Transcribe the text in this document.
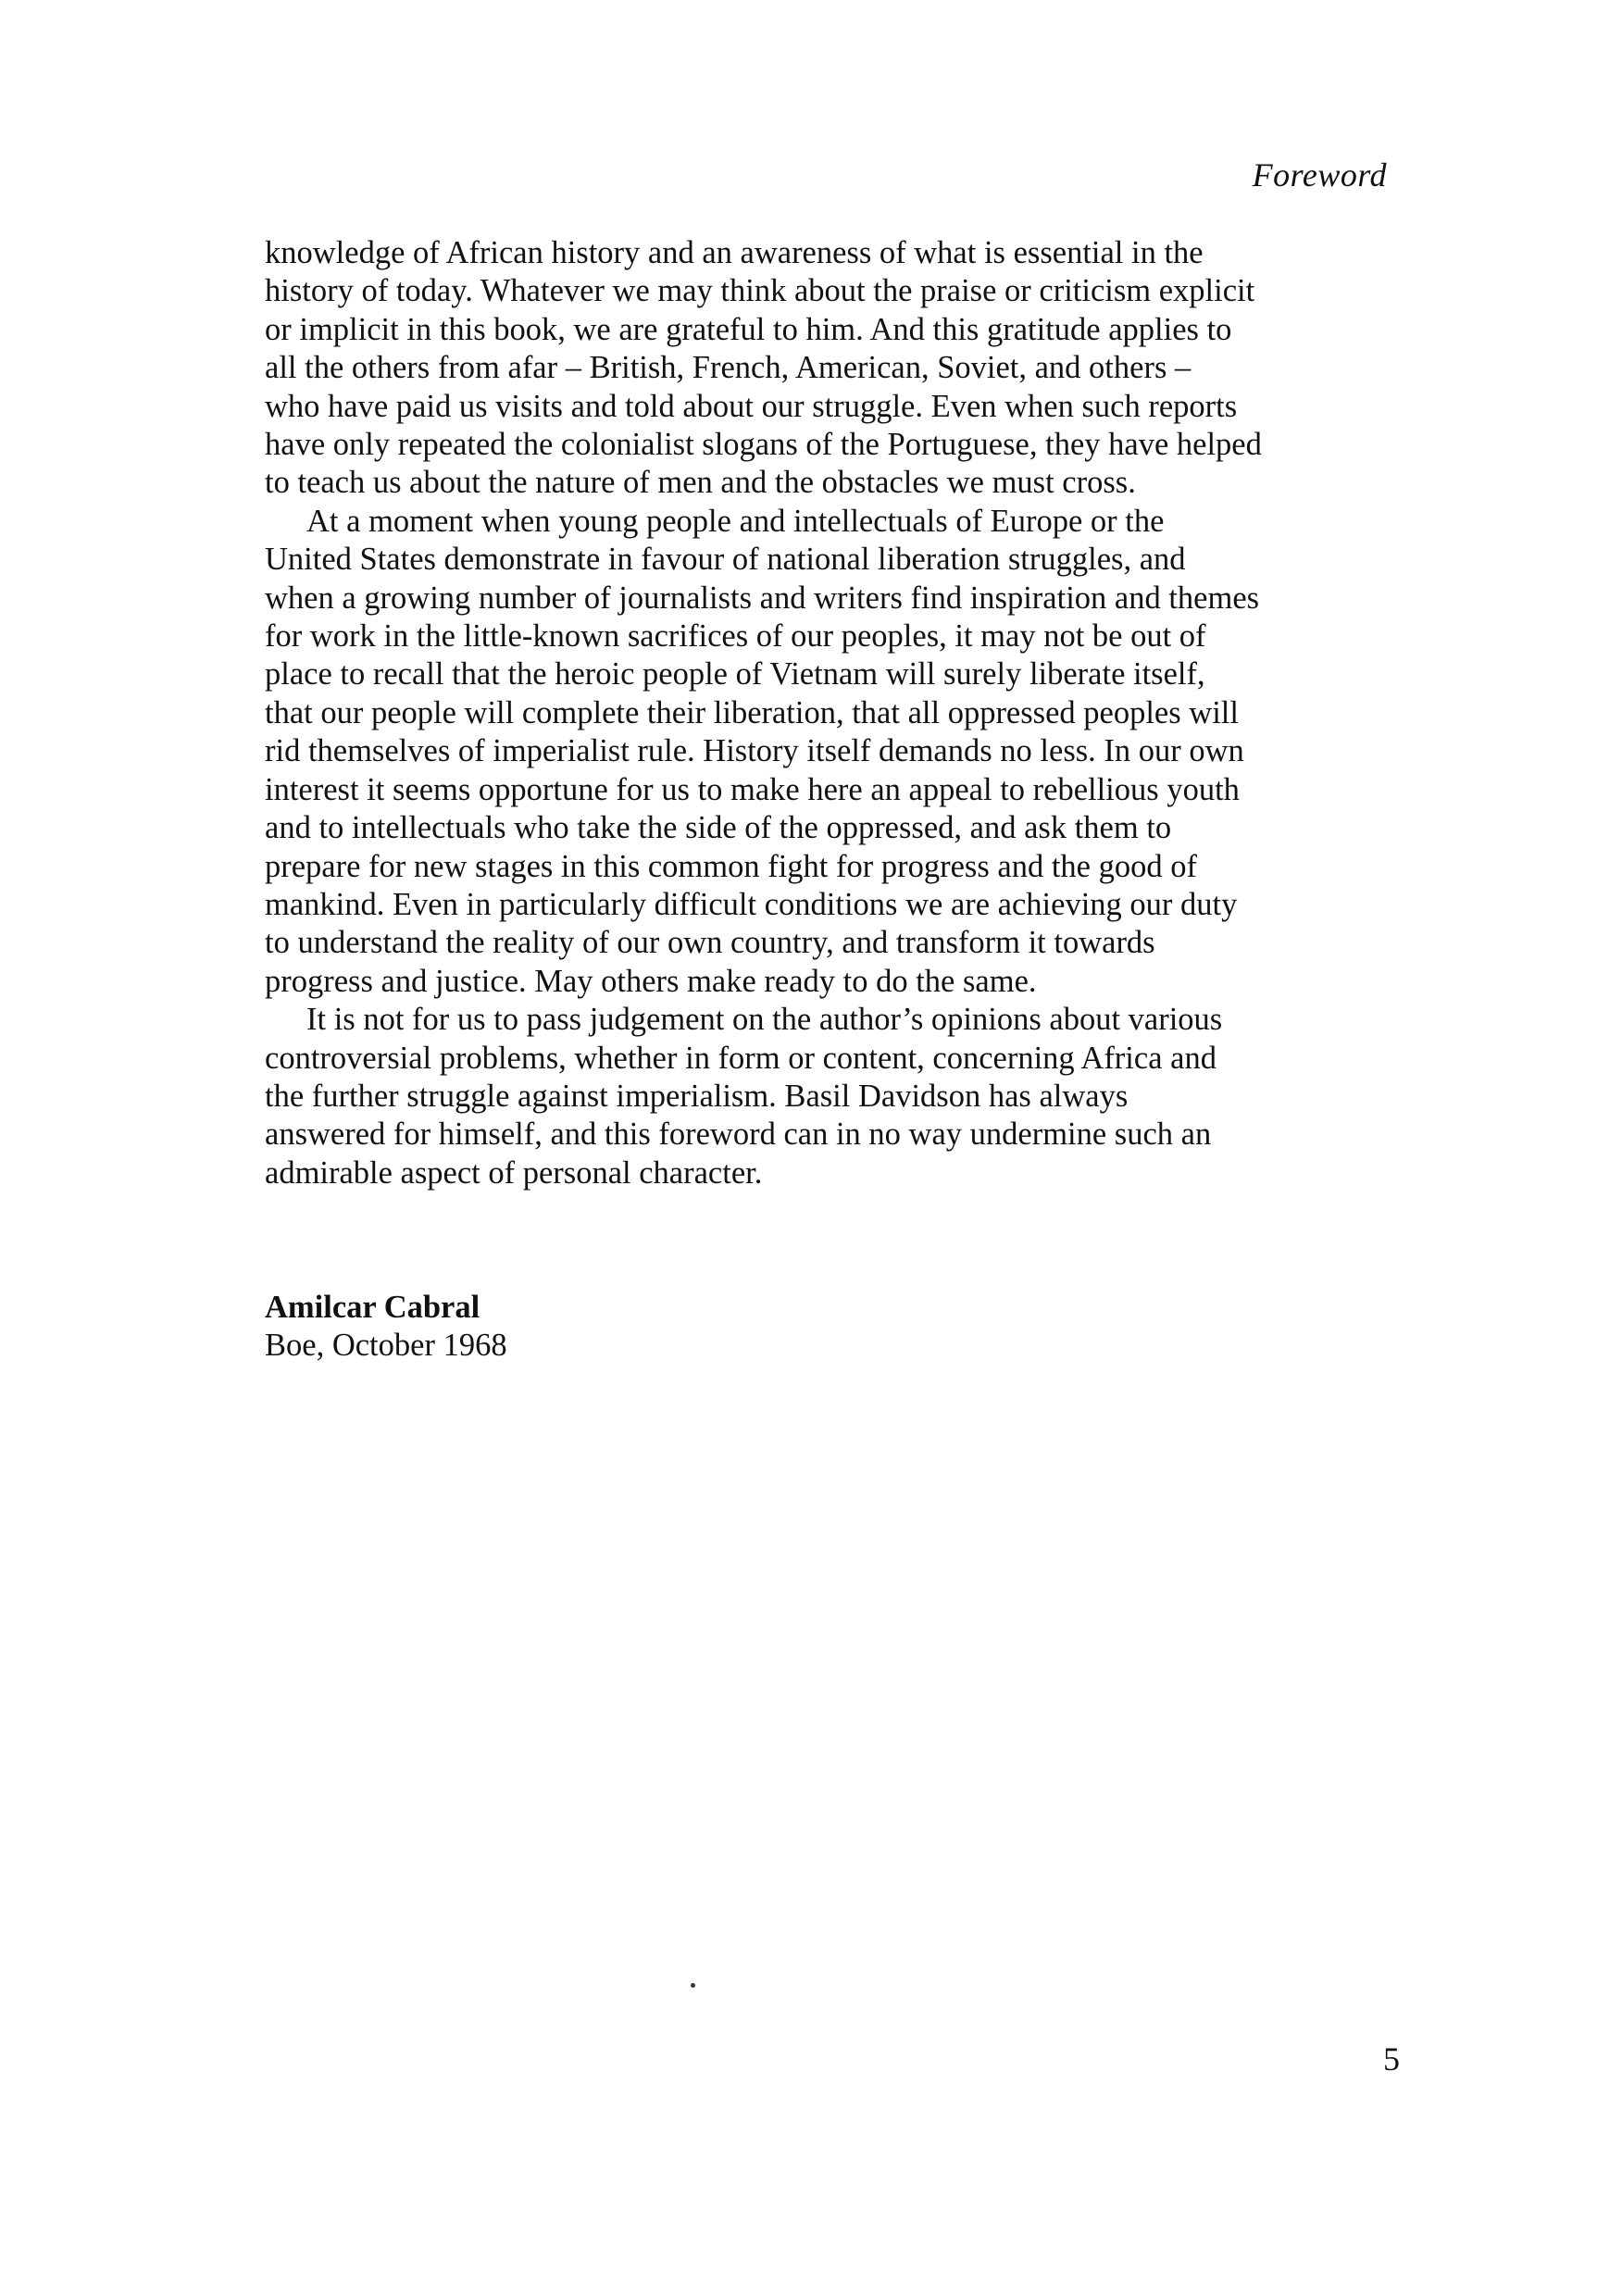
Foreword

knowledge of African history and an awareness of what is essential in the
history of today. Whatever we may think about the praise or criticism explicit
or implicit in this book, we are grateful to him. And this gratitude applies to
all the others from afar – British, French, American, Soviet, and others –
who have paid us visits and told about our struggle. Even when such reports
have only repeated the colonialist slogans of the Portuguese, they have helped
to teach us about the nature of men and the obstacles we must cross.

At a moment when young people and intellectuals of Europe or the
United States demonstrate in favour of national liberation struggles, and
when a growing number of journalists and writers find inspiration and themes
for work in the little-known sacrifices of our peoples, it may not be out of
place to recall that the heroic people of Vietnam will surely liberate itself,
that our people will complete their liberation, that all oppressed peoples will
rid themselves of imperialist rule. History itself demands no less. In our own
interest it seems opportune for us to make here an appeal to rebellious youth
and to intellectuals who take the side of the oppressed, and ask them to
prepare for new stages in this common fight for progress and the good of
mankind. Even in particularly difficult conditions we are achieving our duty
to understand the reality of our own country, and transform it towards
progress and justice. May others make ready to do the same.

It is not for us to pass judgement on the author’s opinions about various
controversial problems, whether in form or content, concerning Africa and
the further struggle against imperialism. Basil Davidson has always
answered for himself, and this foreword can in no way undermine such an
admirable aspect of personal character.

Amilcar Cabral
Boe, October 1968
5
